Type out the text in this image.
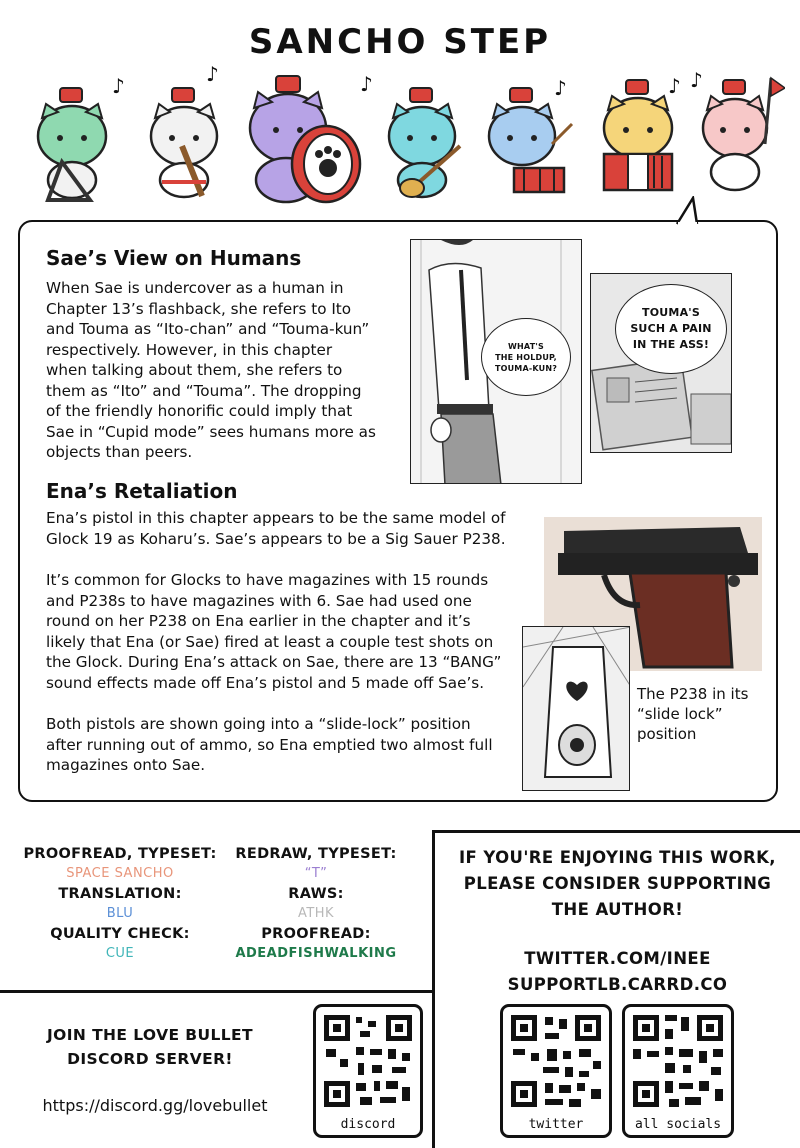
SANCHO STEP
♪	♪	♪	♪	♪ ♪
Sae’s View on Humans
When Sae is undercover as a human in
Chapter 13’s flashback, she refers to Ito
and Touma as “Ito-chan” and “Touma-kun”
respectively. However, in this chapter
when talking about them, she refers to
them as “Ito” and “Touma”. The dropping
of the friendly honorific could imply that
Sae in “Cupid mode” sees humans more as
objects than peers.
WHAT'S
THE HOLDUP,
TOUMA-KUN?
TOUMA'S
SUCH A PAIN
IN THE ASS!
Ena’s Retaliation
Ena’s pistol in this chapter appears to be the same model of
Glock 19 as Koharu’s. Sae’s appears to be a Sig Sauer P238.
It’s common for Glocks to have magazines with 15 rounds
and P238s to have magazines with 6. Sae had used one
round on her P238 on Ena earlier in the chapter and it’s
likely that Ena (or Sae) fired at least a couple test shots on
the Glock. During Ena’s attack on Sae, there are 13 “BANG”
sound effects made off Ena’s pistol and 5 made off Sae’s.
Both pistols are shown going into a “slide-lock” position
after running out of ammo, so Ena emptied two almost full
magazines onto Sae.
The P238 in its
“slide lock”
position
PROOFREAD, TYPESET:
SPACE SANCHO
REDRAW, TYPESET:
“T”
TRANSLATION:
BLU
RAWS:
ATHK
QUALITY CHECK:
CUE
PROOFREAD:
ADEADFISHWALKING
IF YOU'RE ENJOYING THIS WORK,
PLEASE CONSIDER SUPPORTING
THE AUTHOR!
TWITTER.COM/INEE
SUPPORTLB.CARRD.CO
JOIN THE LOVE BULLET
DISCORD SERVER!
https://discord.gg/lovebullet
discord	twitter	all socials
